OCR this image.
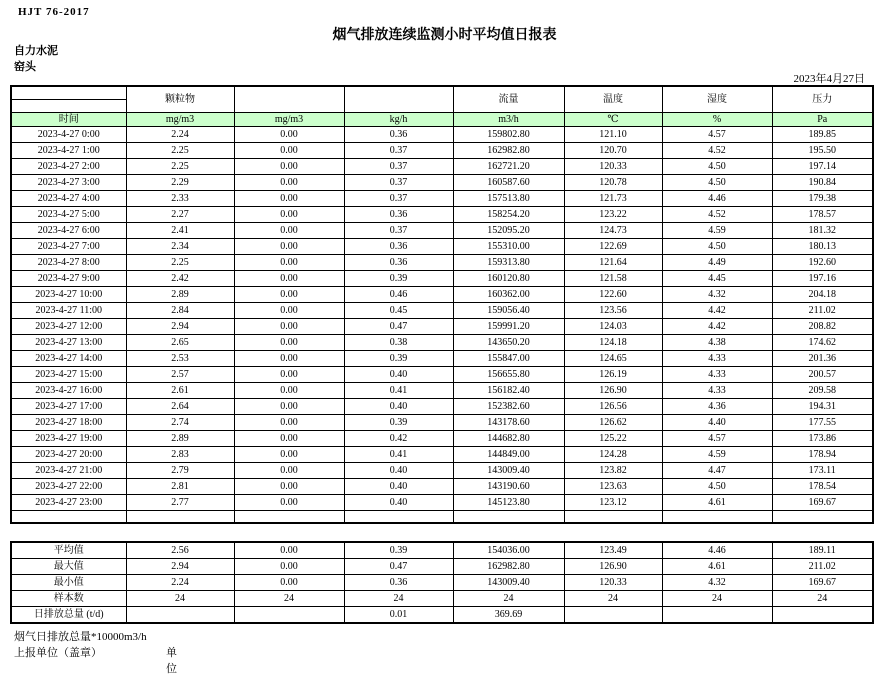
HJT 76-2017
烟气排放连续监测小时平均值日报表
自力水泥
窑头
2023年4月27日
	颗粒物			流量	温度	湿度	压力

时间	mg/m3	mg/m3	kg/h	m3/h	℃	%	Pa
2023-4-27 0:00	2.24	0.00	0.36	159802.80	121.10	4.57	189.85
2023-4-27 1:00	2.25	0.00	0.37	162982.80	120.70	4.52	195.50
2023-4-27 2:00	2.25	0.00	0.37	162721.20	120.33	4.50	197.14
2023-4-27 3:00	2.29	0.00	0.37	160587.60	120.78	4.50	190.84
2023-4-27 4:00	2.33	0.00	0.37	157513.80	121.73	4.46	179.38
2023-4-27 5:00	2.27	0.00	0.36	158254.20	123.22	4.52	178.57
2023-4-27 6:00	2.41	0.00	0.37	152095.20	124.73	4.59	181.32
2023-4-27 7:00	2.34	0.00	0.36	155310.00	122.69	4.50	180.13
2023-4-27 8:00	2.25	0.00	0.36	159313.80	121.64	4.49	192.60
2023-4-27 9:00	2.42	0.00	0.39	160120.80	121.58	4.45	197.16
2023-4-27 10:00	2.89	0.00	0.46	160362.00	122.60	4.32	204.18
2023-4-27 11:00	2.84	0.00	0.45	159056.40	123.56	4.42	211.02
2023-4-27 12:00	2.94	0.00	0.47	159991.20	124.03	4.42	208.82
2023-4-27 13:00	2.65	0.00	0.38	143650.20	124.18	4.38	174.62
2023-4-27 14:00	2.53	0.00	0.39	155847.00	124.65	4.33	201.36
2023-4-27 15:00	2.57	0.00	0.40	156655.80	126.19	4.33	200.57
2023-4-27 16:00	2.61	0.00	0.41	156182.40	126.90	4.33	209.58
2023-4-27 17:00	2.64	0.00	0.40	152382.60	126.56	4.36	194.31
2023-4-27 18:00	2.74	0.00	0.39	143178.60	126.62	4.40	177.55
2023-4-27 19:00	2.89	0.00	0.42	144682.80	125.22	4.57	173.86
2023-4-27 20:00	2.83	0.00	0.41	144849.00	124.28	4.59	178.94
2023-4-27 21:00	2.79	0.00	0.40	143009.40	123.82	4.47	173.11
2023-4-27 22:00	2.81	0.00	0.40	143190.60	123.63	4.50	178.54
2023-4-27 23:00	2.77	0.00	0.40	145123.80	123.12	4.61	169.67

平均值	2.56	0.00	0.39	154036.00	123.49	4.46	189.11
最大值	2.94	0.00	0.47	162982.80	126.90	4.61	211.02
最小值	2.24	0.00	0.36	143009.40	120.33	4.32	169.67
样本数	24	24	24	24	24	24	24
日排放总量 (t/d)			0.01	369.69			
烟气日排放总量*10000m3/h
上报单位（盖章）	单位
